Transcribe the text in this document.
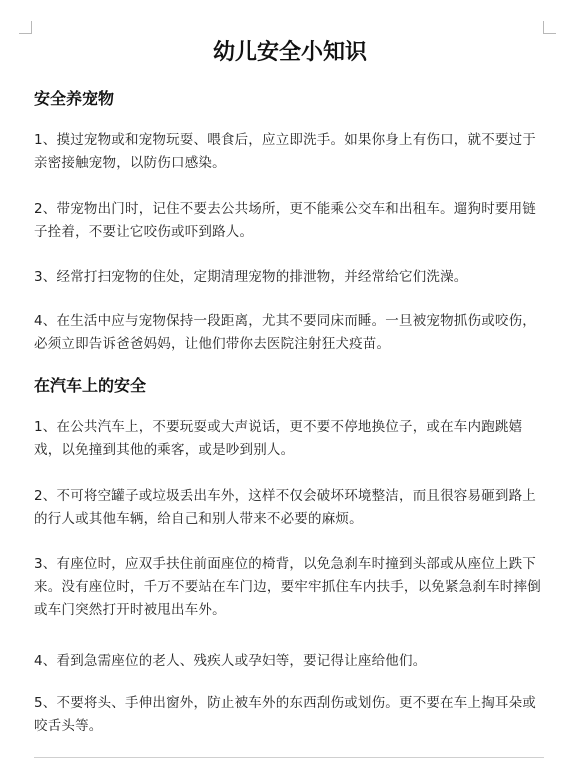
幼儿安全小知识
安全养宠物

1、摸过宠物或和宠物玩耍、喂食后，应立即洗手。如果你身上有伤口，就不要过于亲密接触宠物，以防伤口感染。

2、带宠物出门时，记住不要去公共场所，更不能乘公交车和出租车。遛狗时要用链子拴着，不要让它咬伤或吓到路人。

3、经常打扫宠物的住处，定期清理宠物的排泄物，并经常给它们洗澡。

4、在生活中应与宠物保持一段距离，尤其不要同床而睡。一旦被宠物抓伤或咬伤，必须立即告诉爸爸妈妈，让他们带你去医院注射狂犬疫苗。

在汽车上的安全

1、在公共汽车上，不要玩耍或大声说话，更不要不停地换位子，或在车内跑跳嬉戏，以免撞到其他的乘客，或是吵到别人。

2、不可将空罐子或垃圾丢出车外，这样不仅会破坏环境整洁，而且很容易砸到路上的行人或其他车辆，给自己和别人带来不必要的麻烦。

3、有座位时，应双手扶住前面座位的椅背，以免急刹车时撞到头部或从座位上跌下来。没有座位时，千万不要站在车门边，要牢牢抓住车内扶手，以免紧急刹车时摔倒或车门突然打开时被甩出车外。

4、看到急需座位的老人、残疾人或孕妇等，要记得让座给他们。

5、不要将头、手伸出窗外，防止被车外的东西刮伤或划伤。更不要在车上掏耳朵或咬舌头等。
